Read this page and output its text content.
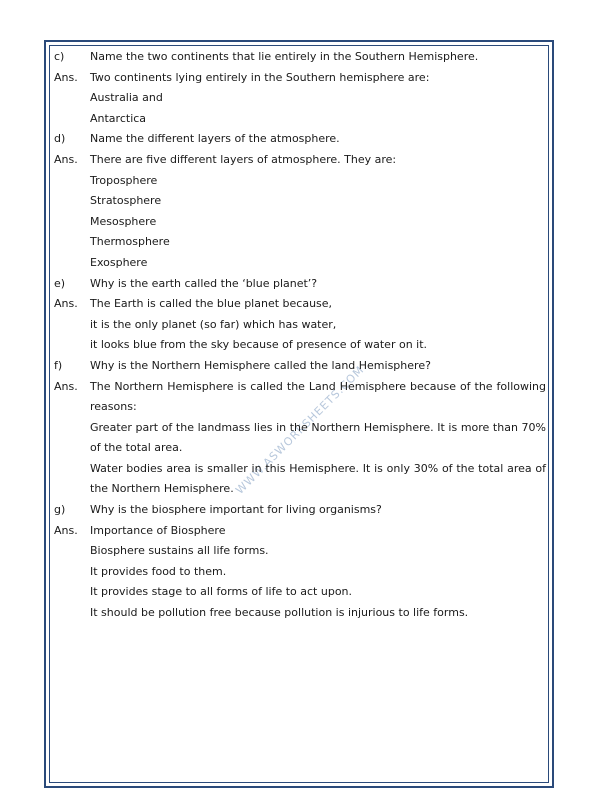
WWW.ASWORKSHEETS.COM
c)	Name the two continents that lie entirely in the Southern Hemisphere.
Ans.	Two continents lying entirely in the Southern hemisphere are:
Australia and
Antarctica
d)	Name the different layers of the atmosphere.
Ans.	There are five different layers of atmosphere. They are:
Troposphere
Stratosphere
Mesosphere
Thermosphere
Exosphere
e)	Why is the earth called the ‘blue planet’?
Ans.	The Earth is called the blue planet because,
it is the only planet (so far) which has water,
it looks blue from the sky because of presence of water on it.
f)	Why is the Northern Hemisphere called the land Hemisphere?
Ans.	The Northern Hemisphere is called the Land Hemisphere because of the following
reasons:
Greater part of the landmass lies in the Northern Hemisphere. It is more than 70%
of the total area.
Water bodies area is smaller in this Hemisphere. It is only 30% of the total area of
the Northern Hemisphere.
g)	Why is the biosphere important for living organisms?
Ans.	Importance of Biosphere
Biosphere sustains all life forms.
It provides food to them.
It provides stage to all forms of life to act upon.
It should be pollution free because pollution is injurious to life forms.
